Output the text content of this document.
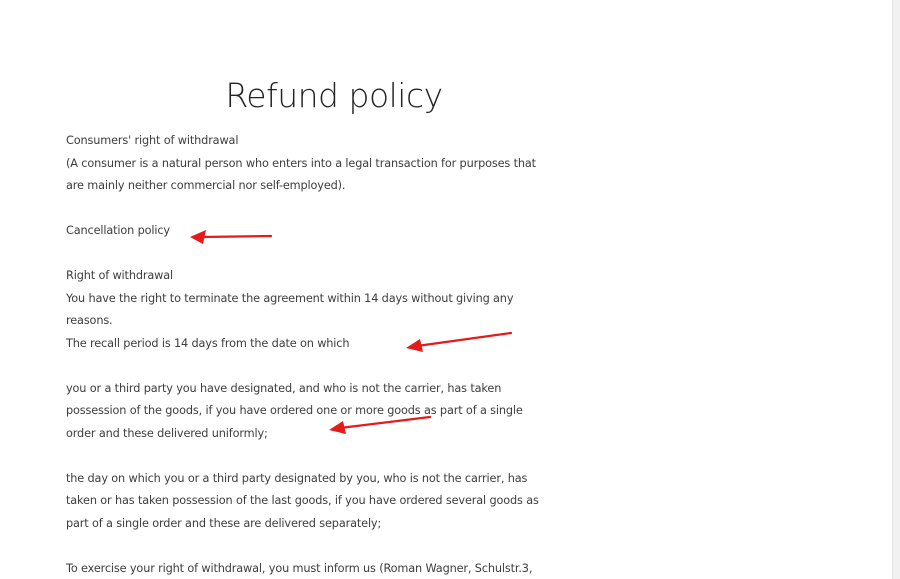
Refund policy

Consumers' right of withdrawal

(A consumer is a natural person who enters into a legal transaction for purposes that

are mainly neither commercial nor self-employed).

Cancellation policy

Right of withdrawal

You have the right to terminate the agreement within 14 days without giving any

reasons.

The recall period is 14 days from the date on which

you or a third party you have designated, and who is not the carrier, has taken

possession of the goods, if you have ordered one or more goods as part of a single

order and these delivered uniformly;

the day on which you or a third party designated by you, who is not the carrier, has

taken or has taken possession of the last goods, if you have ordered several goods as

part of a single order and these are delivered separately;

To exercise your right of withdrawal, you must inform us (Roman Wagner, Schulstr.3,
